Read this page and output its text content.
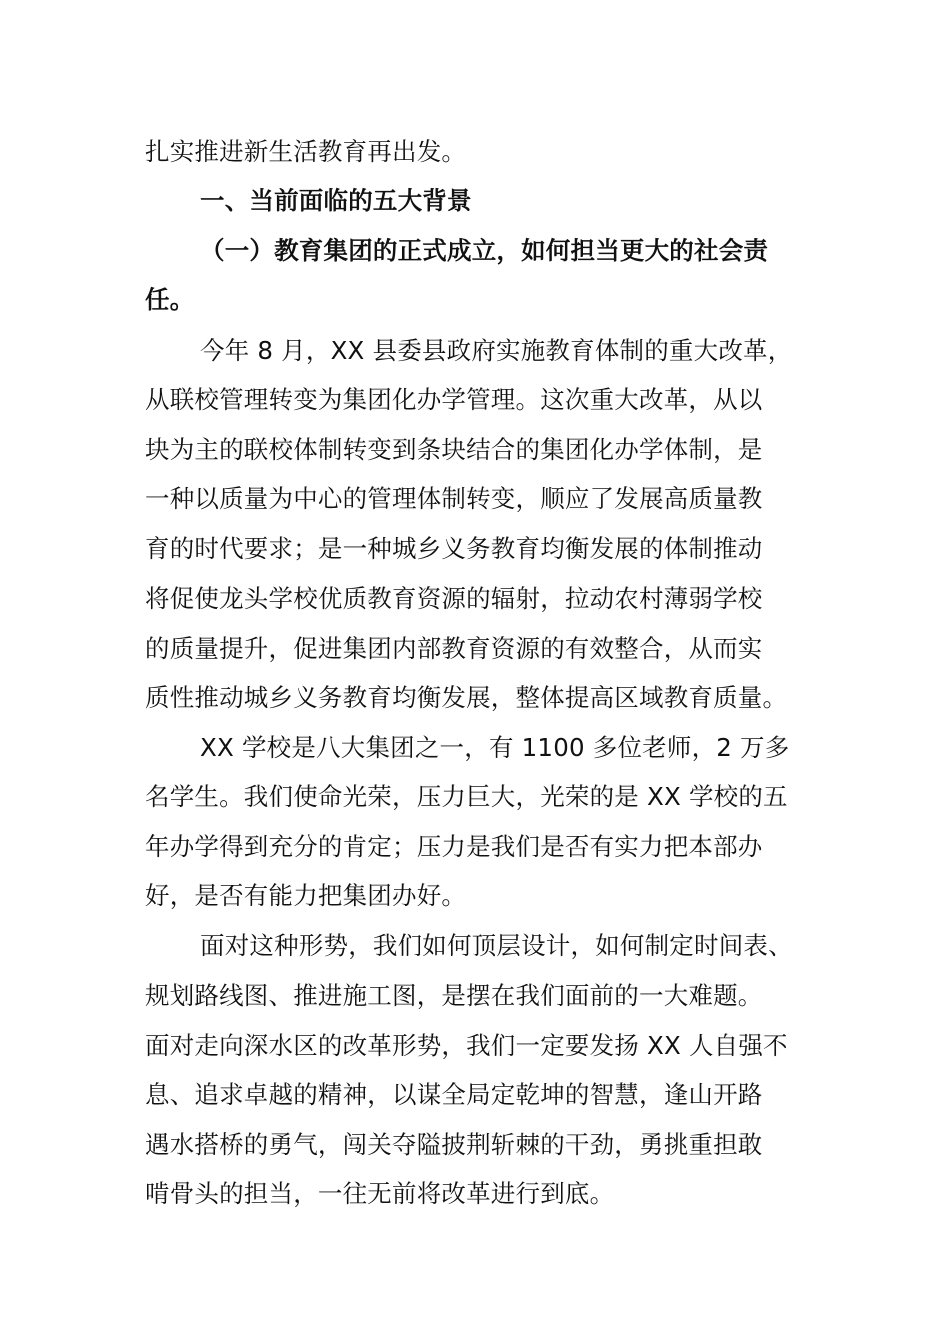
扎实推进新生活教育再出发。
一、当前面临的五大背景
（一）教育集团的正式成立，如何担当更大的社会责
任。
今年 8 月，XX 县委县政府实施教育体制的重大改革，
从联校管理转变为集团化办学管理。这次重大改革，从以
块为主的联校体制转变到条块结合的集团化办学体制，是
一种以质量为中心的管理体制转变，顺应了发展高质量教
育的时代要求；是一种城乡义务教育均衡发展的体制推动
将促使龙头学校优质教育资源的辐射，拉动农村薄弱学校
的质量提升，促进集团内部教育资源的有效整合，从而实
质性推动城乡义务教育均衡发展，整体提高区域教育质量。
XX 学校是八大集团之一，有 1100 多位老师，2 万多
名学生。我们使命光荣，压力巨大，光荣的是 XX 学校的五
年办学得到充分的肯定；压力是我们是否有实力把本部办
好，是否有能力把集团办好。
面对这种形势，我们如何顶层设计，如何制定时间表、
规划路线图、推进施工图，是摆在我们面前的一大难题。
面对走向深水区的改革形势，我们一定要发扬 XX 人自强不
息、追求卓越的精神，以谋全局定乾坤的智慧，逢山开路
遇水搭桥的勇气，闯关夺隘披荆斩棘的干劲，勇挑重担敢
啃骨头的担当，一往无前将改革进行到底。
